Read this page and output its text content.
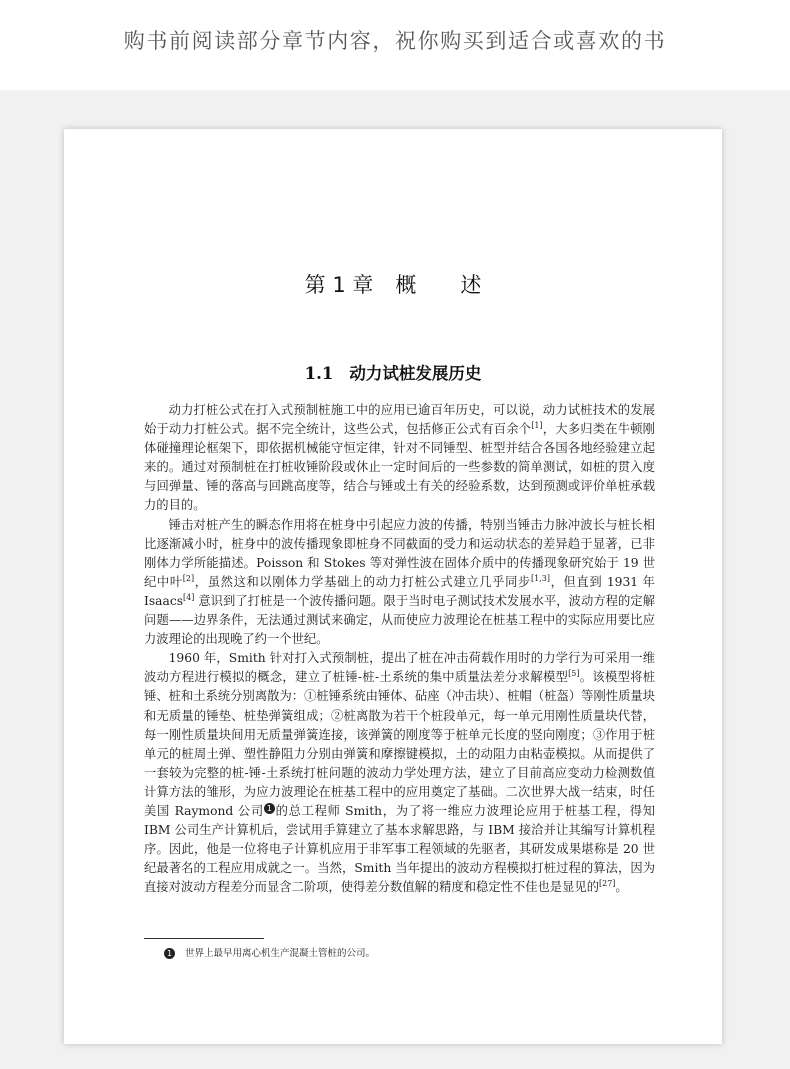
购书前阅读部分章节内容，祝你购买到适合或喜欢的书
第 1 章 概 述
1.1 动力试桩发展历史

动力打桩公式在打入式预制桩施工中的应用已逾百年历史，可以说，动力试桩技术的发展始于动力打桩公式。据不完全统计，这些公式，包括修正公式有百余个[1]，大多归类在牛顿刚体碰撞理论框架下，即依据机械能守恒定律，针对不同锤型、桩型并结合各国各地经验建立起来的。通过对预制桩在打桩收锤阶段或休止一定时间后的一些参数的简单测试，如桩的贯入度与回弹量、锤的落高与回跳高度等，结合与锤或土有关的经验系数，达到预测或评价单桩承载力的目的。

锤击对桩产生的瞬态作用将在桩身中引起应力波的传播，特别当锤击力脉冲波长与桩长相比逐渐减小时，桩身中的波传播现象即桩身不同截面的受力和运动状态的差异趋于显著，已非刚体力学所能描述。Poisson 和 Stokes 等对弹性波在固体介质中的传播现象研究始于 19 世纪中叶[2]，虽然这和以刚体力学基础上的动力打桩公式建立几乎同步[1,3]，但直到 1931 年 Isaacs[4] 意识到了打桩是一个波传播问题。限于当时电子测试技术发展水平，波动方程的定解问题——边界条件，无法通过测试来确定，从而使应力波理论在桩基工程中的实际应用要比应力波理论的出现晚了约一个世纪。

1960 年，Smith 针对打入式预制桩，提出了桩在冲击荷载作用时的力学行为可采用一维波动方程进行模拟的概念，建立了桩锤-桩-土系统的集中质量法差分求解模型[5]。该模型将桩锤、桩和土系统分别离散为：①桩锤系统由锤体、砧座（冲击块）、桩帽（桩盔）等刚性质量块和无质量的锤垫、桩垫弹簧组成；②桩离散为若干个桩段单元，每一单元用刚性质量块代替，每一刚性质量块间用无质量弹簧连接，该弹簧的刚度等于桩单元长度的竖向刚度；③作用于桩单元的桩周土弹、塑性静阻力分别由弹簧和摩擦键模拟，土的动阻力由粘壶模拟。从而提供了一套较为完整的桩-锤-土系统打桩问题的波动力学处理方法，建立了目前高应变动力检测数值计算方法的雏形，为应力波理论在桩基工程中的应用奠定了基础。二次世界大战一结束，时任美国 Raymond 公司 1 的总工程师 Smith，为了将一维应力波理论应用于桩基工程，得知 IBM 公司生产计算机后，尝试用手算建立了基本求解思路，与 IBM 接洽并让其编写计算机程序。因此，他是一位将电子计算机应用于非军事工程领域的先驱者，其研发成果堪称是 20 世纪最著名的工程应用成就之一。当然，Smith 当年提出的波动方程模拟打桩过程的算法，因为直接对波动方程差分而显含二阶项，使得差分数值解的精度和稳定性不佳也是显见的[27]。

1 世界上最早用离心机生产混凝土管桩的公司。
